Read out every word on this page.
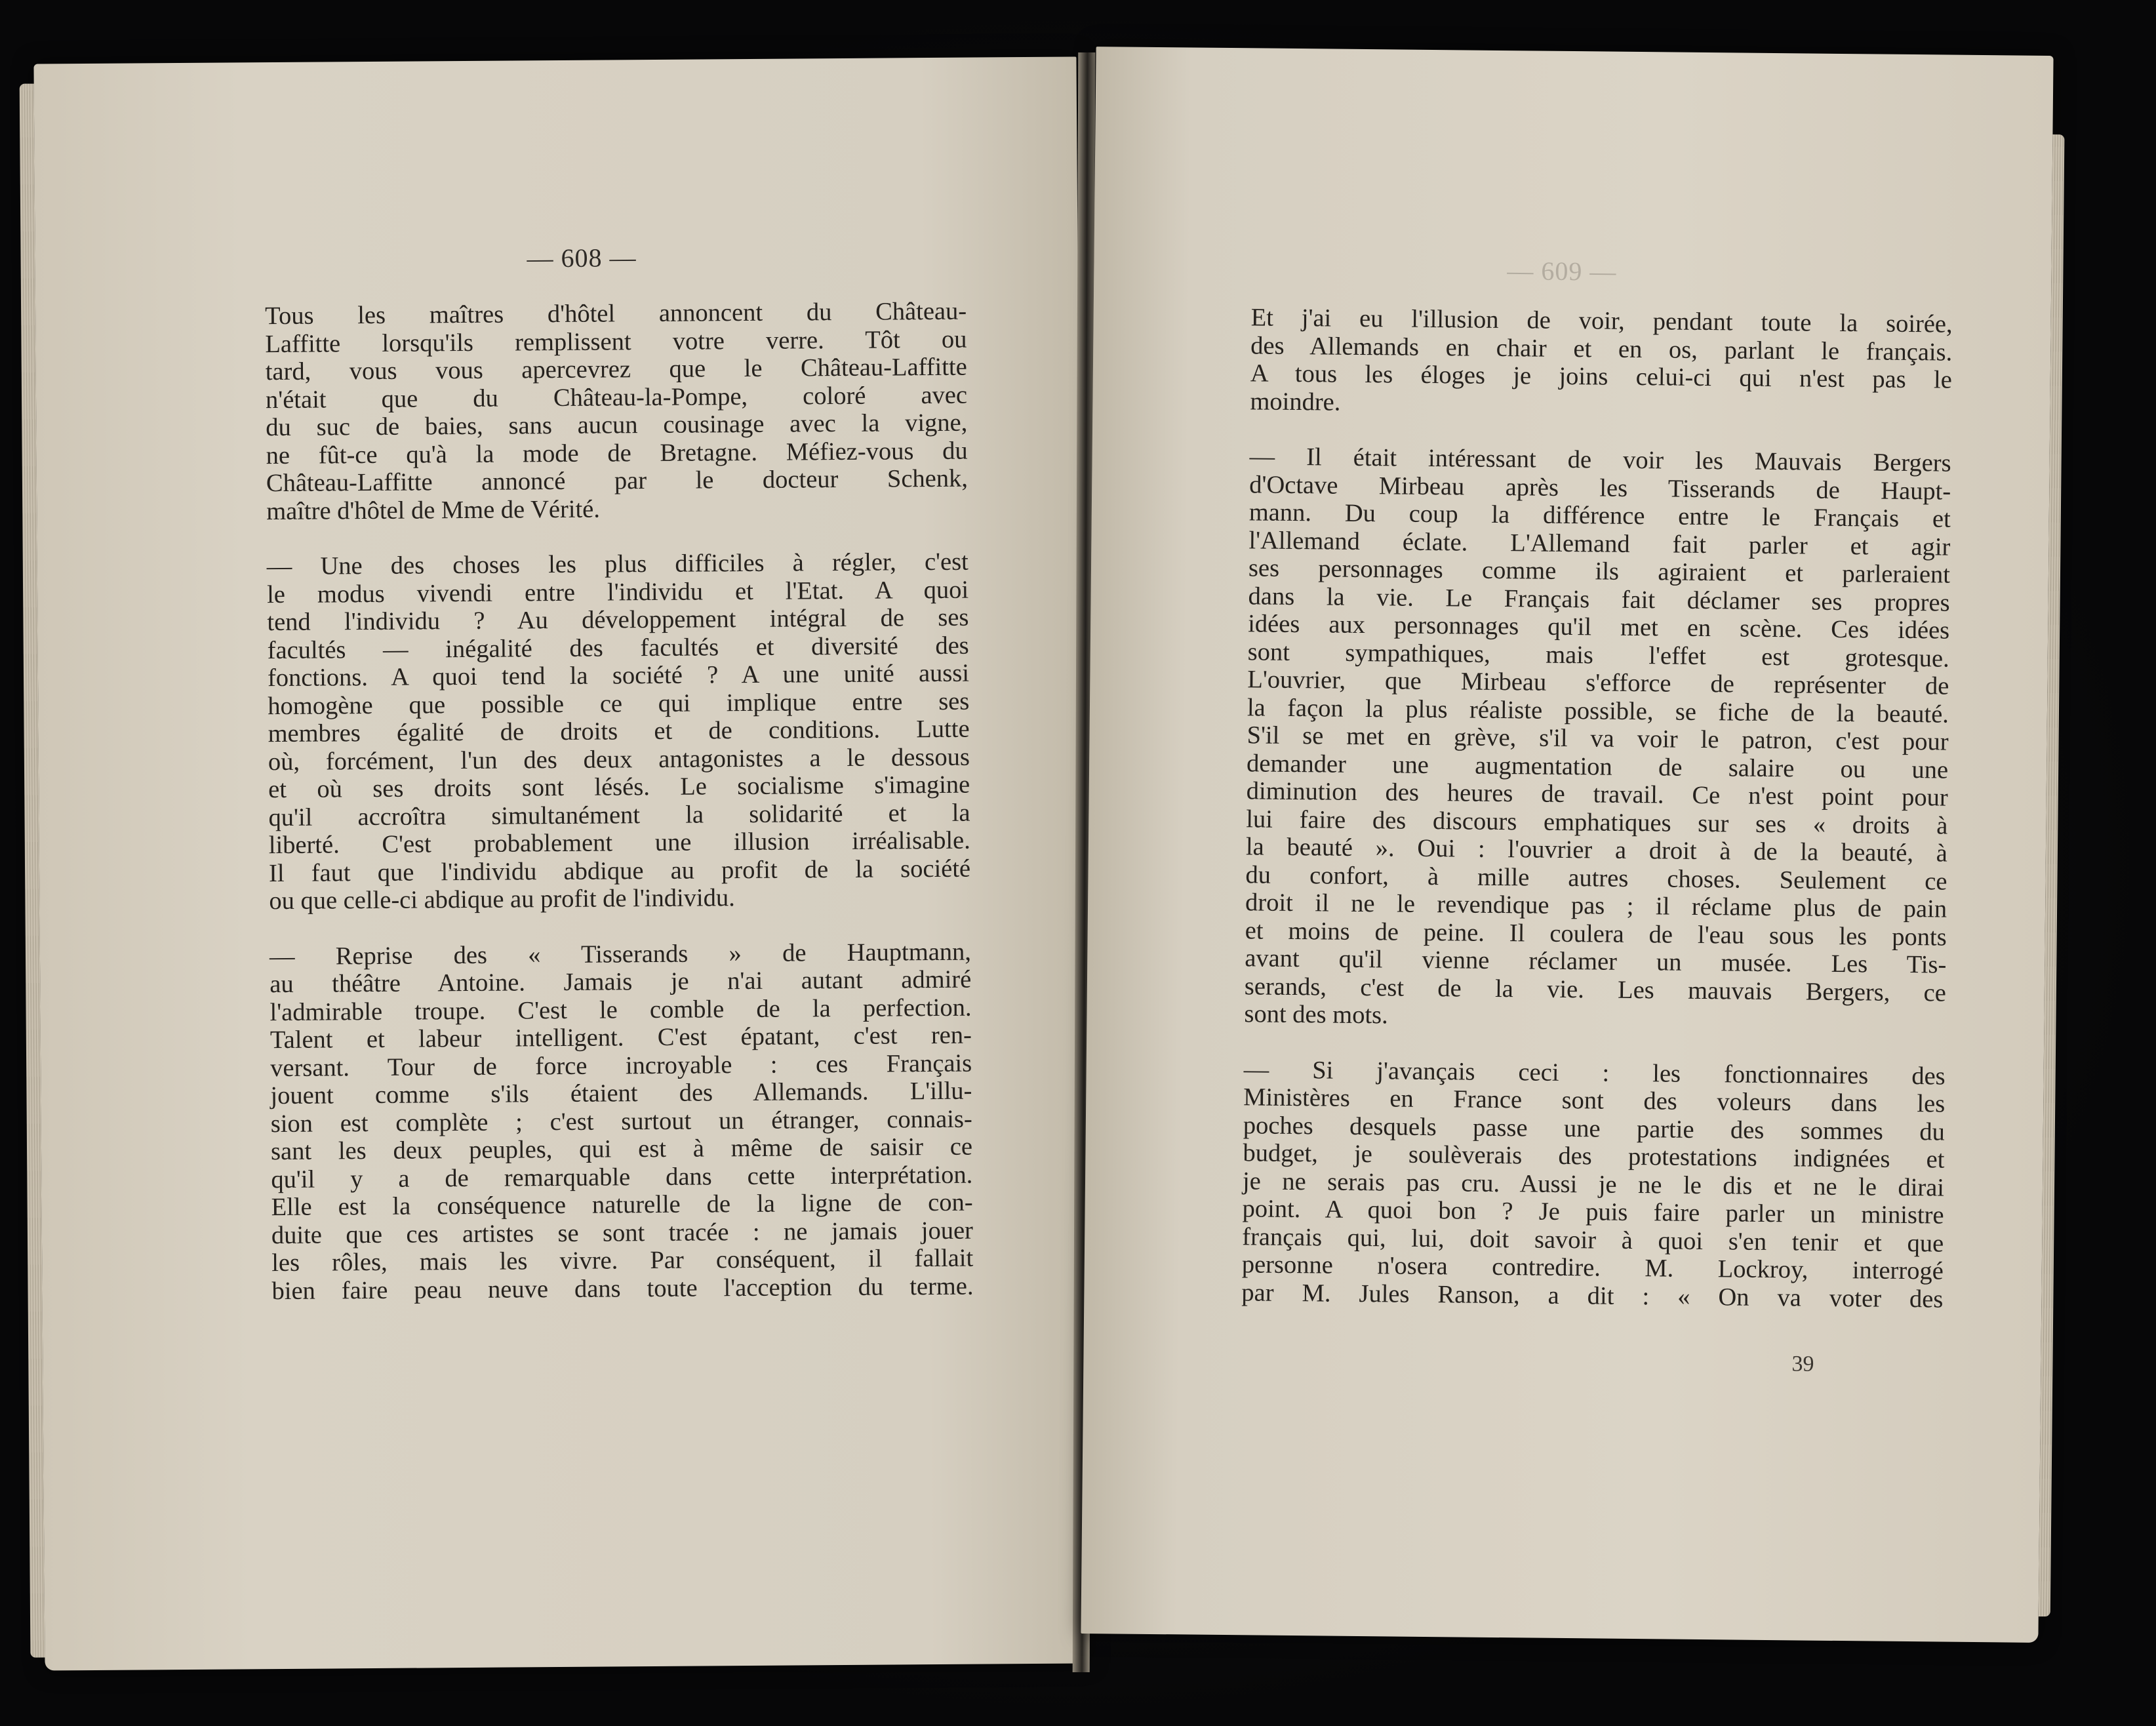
— 608 —
Tous les maîtres d'hôtel annoncent du Château-
Laffitte lorsqu'ils remplissent votre verre. Tôt ou
tard, vous vous apercevrez que le Château-Laffitte
n'était que du Château-la-Pompe, coloré avec
du suc de baies, sans aucun cousinage avec la vigne,
ne fût-ce qu'à la mode de Bretagne. Méfiez-vous du
Château-Laffitte annoncé par le docteur Schenk,
maître d'hôtel de Mme de Vérité.
— Une des choses les plus difficiles à régler, c'est
le modus vivendi entre l'individu et l'Etat. A quoi
tend l'individu ? Au développement intégral de ses
facultés — inégalité des facultés et diversité des
fonctions. A quoi tend la société ? A une unité aussi
homogène que possible ce qui implique entre ses
membres égalité de droits et de conditions. Lutte
où, forcément, l'un des deux antagonistes a le dessous
et où ses droits sont lésés. Le socialisme s'imagine
qu'il accroîtra simultanément la solidarité et la
liberté. C'est probablement une illusion irréalisable.
Il faut que l'individu abdique au profit de la société
ou que celle-ci abdique au profit de l'individu.
— Reprise des « Tisserands » de Hauptmann,
au théâtre Antoine. Jamais je n'ai autant admiré
l'admirable troupe. C'est le comble de la perfection.
Talent et labeur intelligent. C'est épatant, c'est ren-
versant. Tour de force incroyable : ces Français
jouent comme s'ils étaient des Allemands. L'illu-
sion est complète ; c'est surtout un étranger, connais-
sant les deux peuples, qui est à même de saisir ce
qu'il y a de remarquable dans cette interprétation.
Elle est la conséquence naturelle de la ligne de con-
duite que ces artistes se sont tracée : ne jamais jouer
les rôles, mais les vivre. Par conséquent, il fallait
bien faire peau neuve dans toute l'acception du terme.
— 609 —
Et j'ai eu l'illusion de voir, pendant toute la soirée,
des Allemands en chair et en os, parlant le français.
A tous les éloges je joins celui-ci qui n'est pas le
moindre.
— Il était intéressant de voir les Mauvais Bergers
d'Octave Mirbeau après les Tisserands de Haupt-
mann. Du coup la différence entre le Français et
l'Allemand éclate. L'Allemand fait parler et agir
ses personnages comme ils agiraient et parleraient
dans la vie. Le Français fait déclamer ses propres
idées aux personnages qu'il met en scène. Ces idées
sont sympathiques, mais l'effet est grotesque.
L'ouvrier, que Mirbeau s'efforce de représenter de
la façon la plus réaliste possible, se fiche de la beauté.
S'il se met en grève, s'il va voir le patron, c'est pour
demander une augmentation de salaire ou une
diminution des heures de travail. Ce n'est point pour
lui faire des discours emphatiques sur ses « droits à
la beauté ». Oui : l'ouvrier a droit à de la beauté, à
du confort, à mille autres choses. Seulement ce
droit il ne le revendique pas ; il réclame plus de pain
et moins de peine. Il coulera de l'eau sous les ponts
avant qu'il vienne réclamer un musée. Les Tis-
serands, c'est de la vie. Les mauvais Bergers, ce
sont des mots.
— Si j'avançais ceci : les fonctionnaires des
Ministères en France sont des voleurs dans les
poches desquels passe une partie des sommes du
budget, je soulèverais des protestations indignées et
je ne serais pas cru. Aussi je ne le dis et ne le dirai
point. A quoi bon ? Je puis faire parler un ministre
français qui, lui, doit savoir à quoi s'en tenir et que
personne n'osera contredire. M. Lockroy, interrogé
par M. Jules Ranson, a dit : « On va voter des
39
